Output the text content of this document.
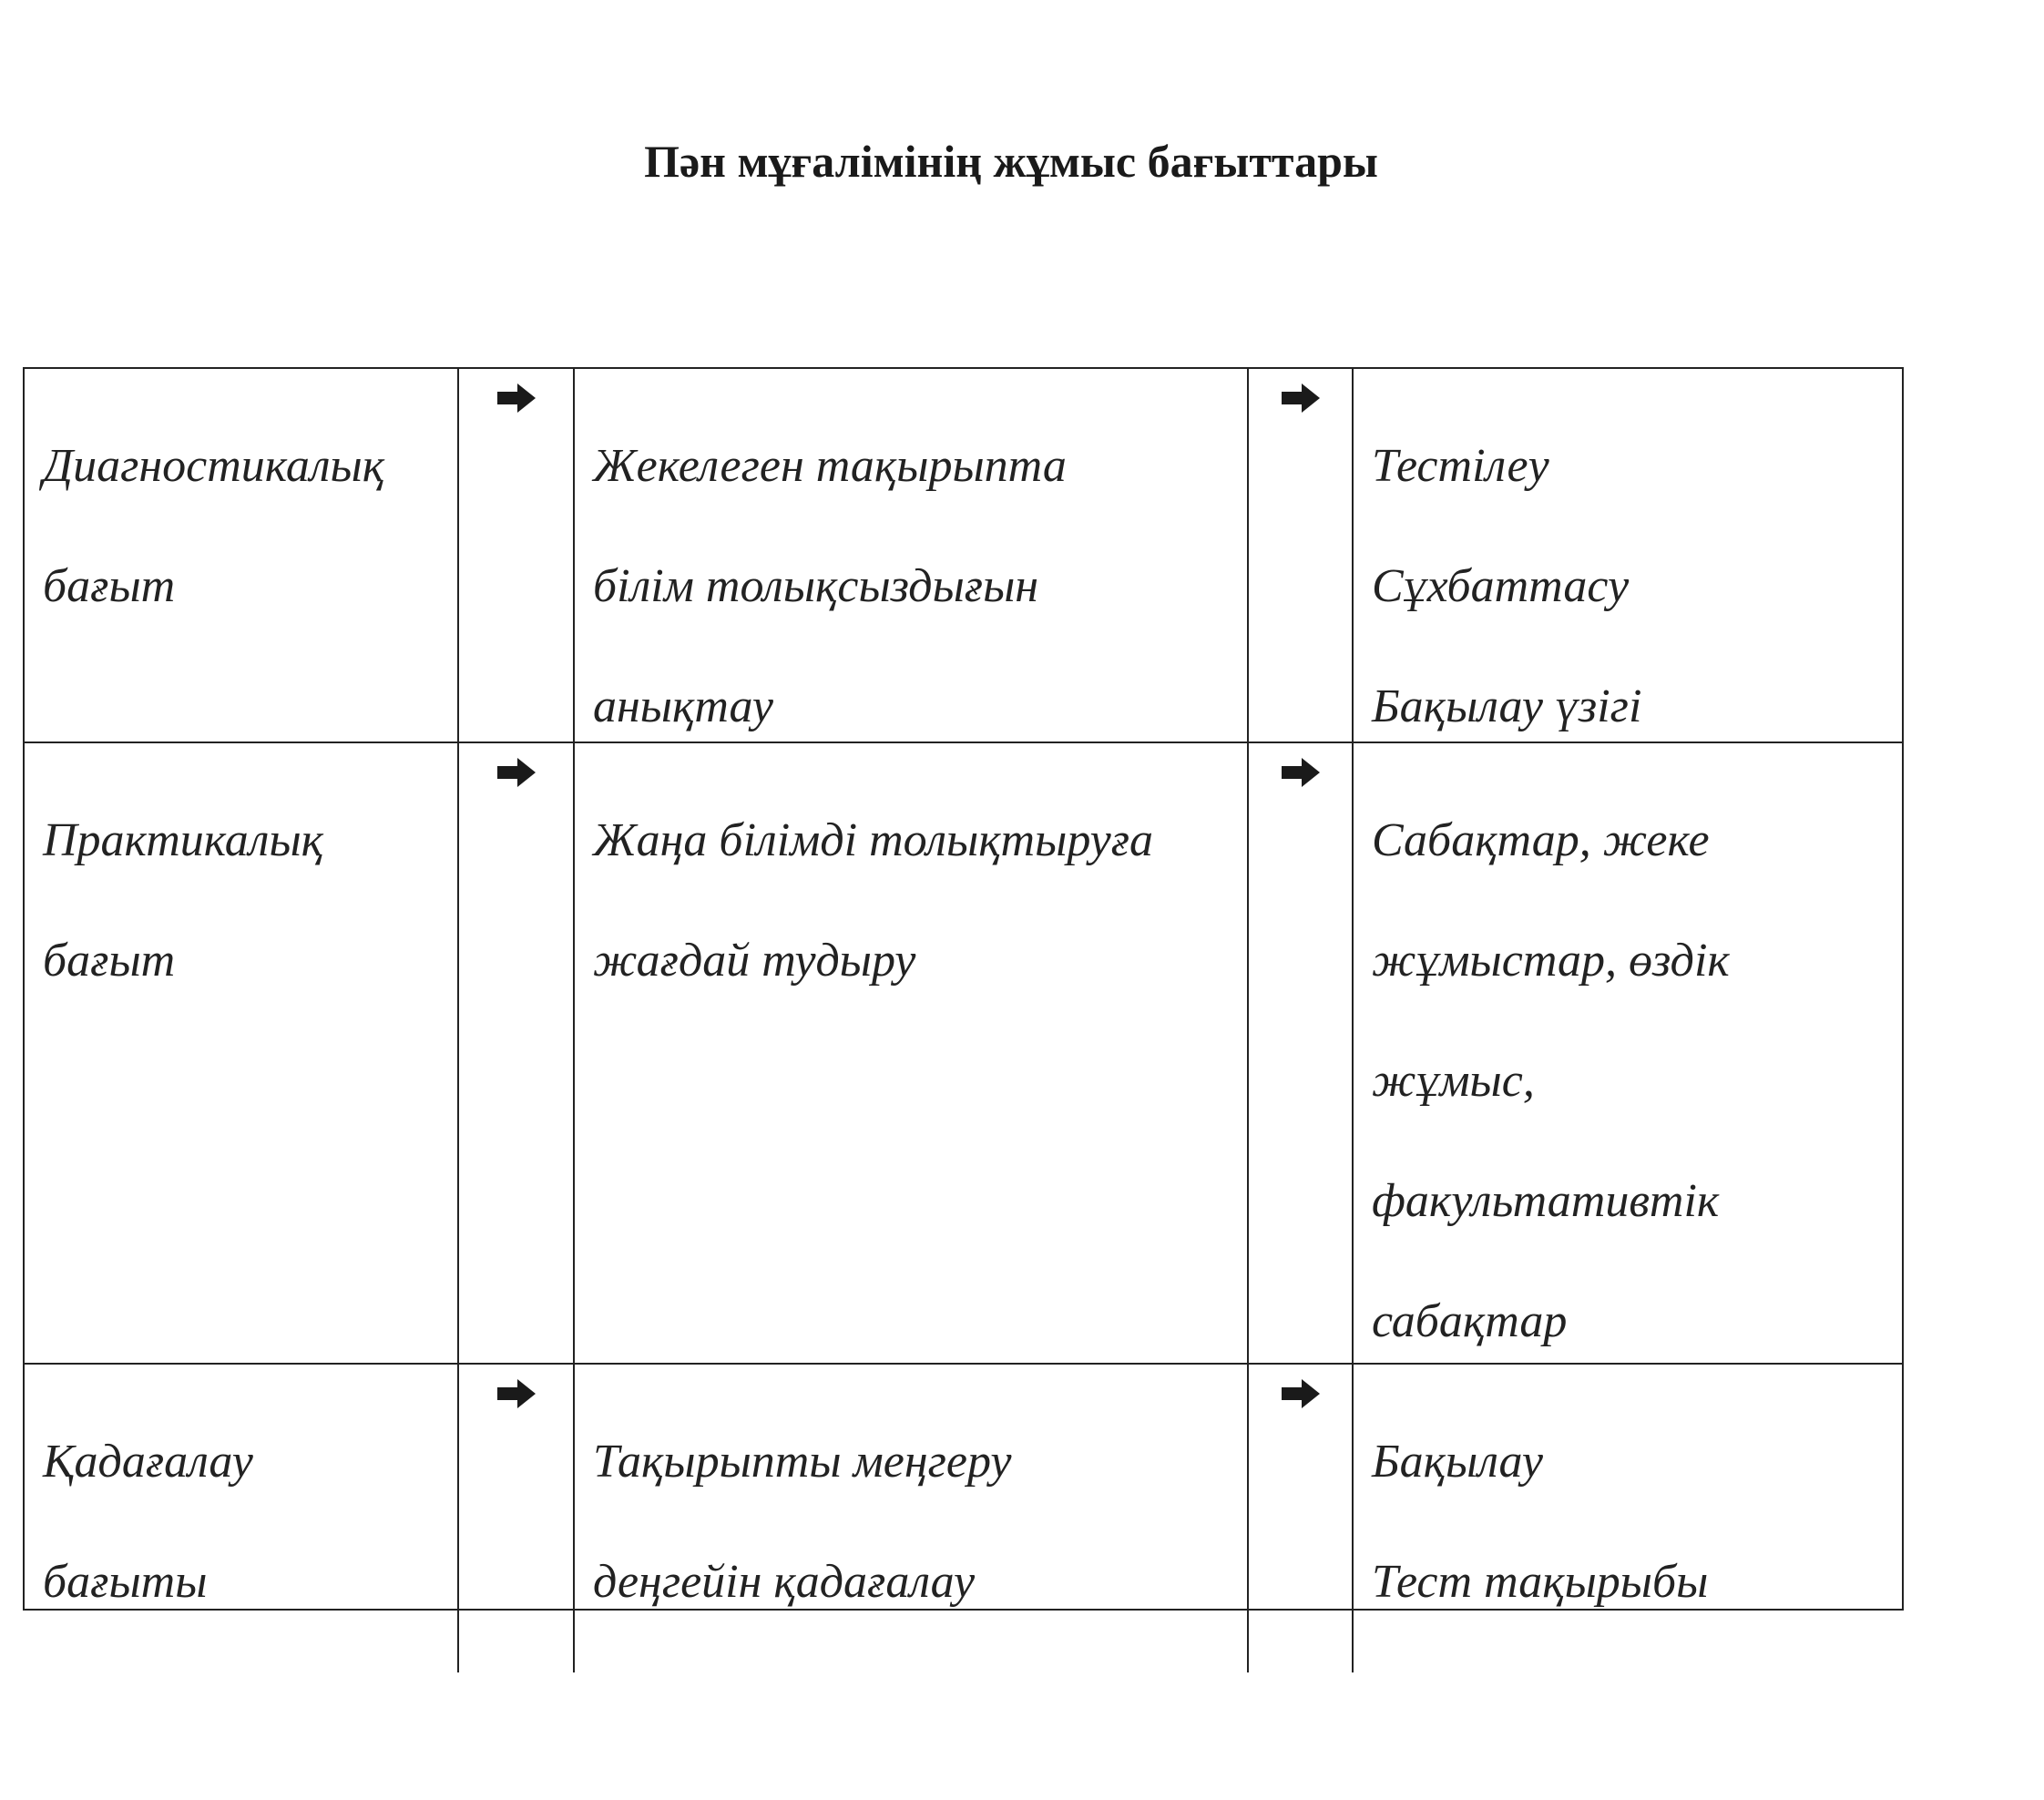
Пән мұғалімінің жұмыс бағыттары

Диагностикалық

бағыт

Жекелеген тақырыпта

білім толықсыздығын

анықтау

Тестілеу

Сұхбаттасу

Бақылау үзігі

Практикалық

бағыт

Жаңа білімді толықтыруға

жағдай тудыру

Сабақтар, жеке

жұмыстар, өздік

жұмыс,

факультативтік

сабақтар

Қадағалау

бағыты

Тақырыпты меңгеру

деңгейін қадағалау

Бақылау

Тест тақырыбы
